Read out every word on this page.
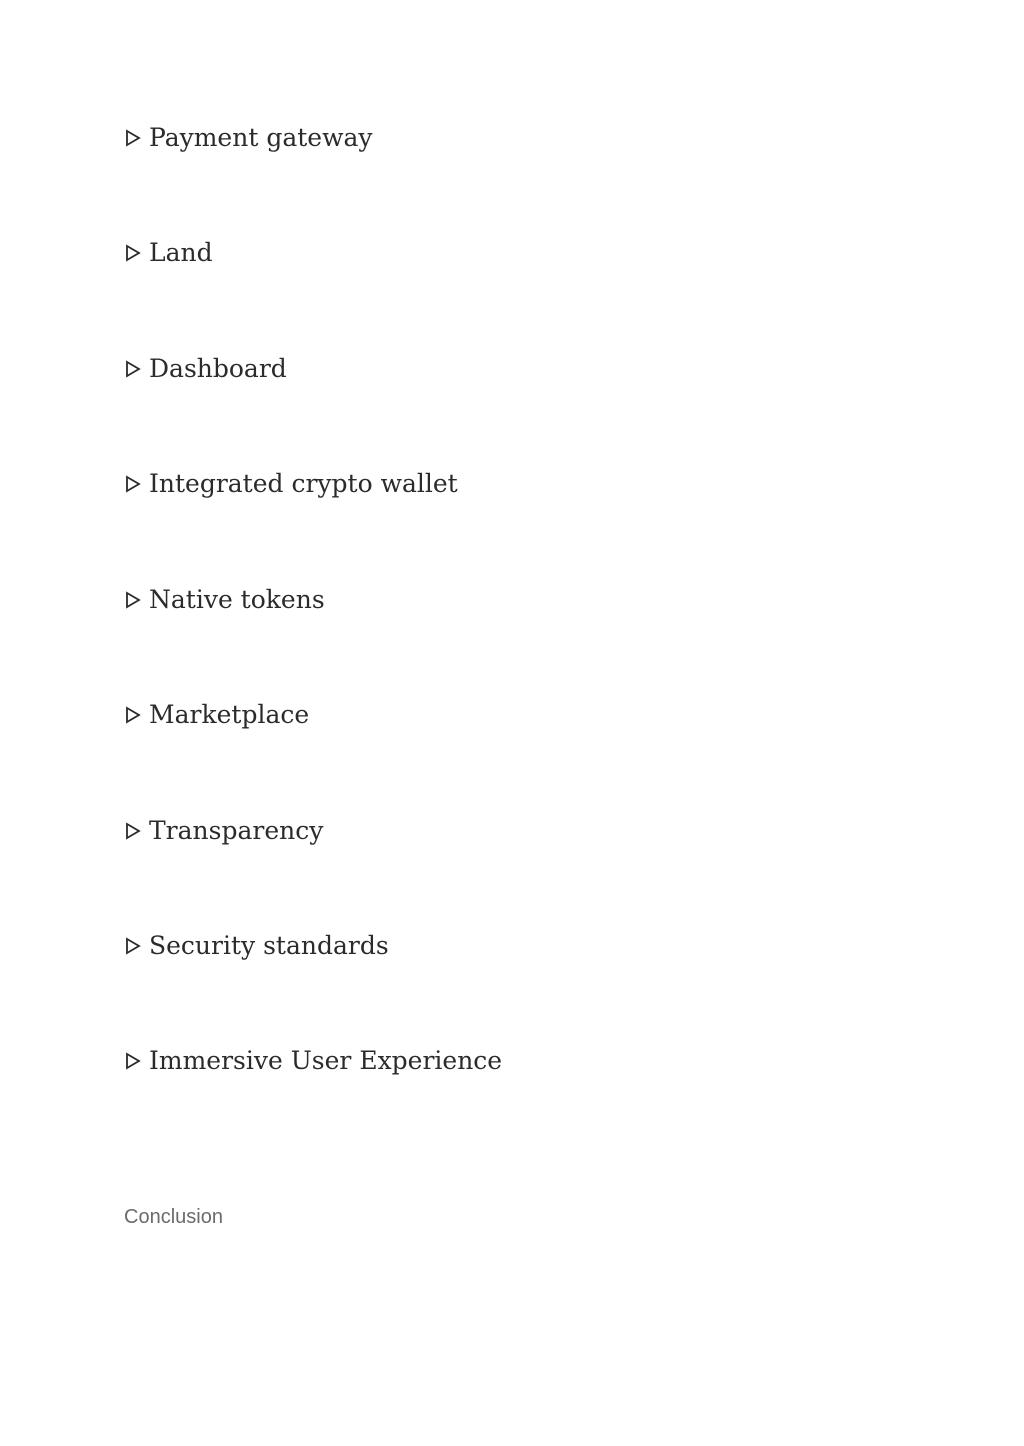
Payment gateway
Land
Dashboard
Integrated crypto wallet
Native tokens
Marketplace
Transparency
Security standards
Immersive User Experience
Conclusion
